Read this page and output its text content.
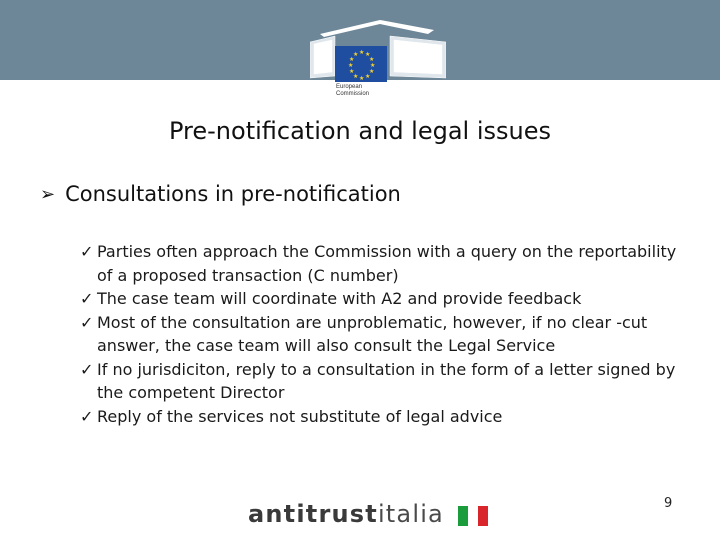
★ ★
★
★
★
★
★
★
★
★
★
★
European
Commission
Pre-notification and legal issues
➢ Consultations in pre-notification
✓ Parties often approach the Commission with a query on the reportability of a proposed transaction (C number)
✓ The case team will coordinate with A2 and provide feedback
✓ Most of the consultation are unproblematic, however, if no clear -cut answer, the case team will also consult the Legal Service
✓ If no jurisdiciton, reply to a consultation in the form of a letter signed by the competent Director
✓ Reply of the services not substitute of legal advice
9
antitrustitalia
